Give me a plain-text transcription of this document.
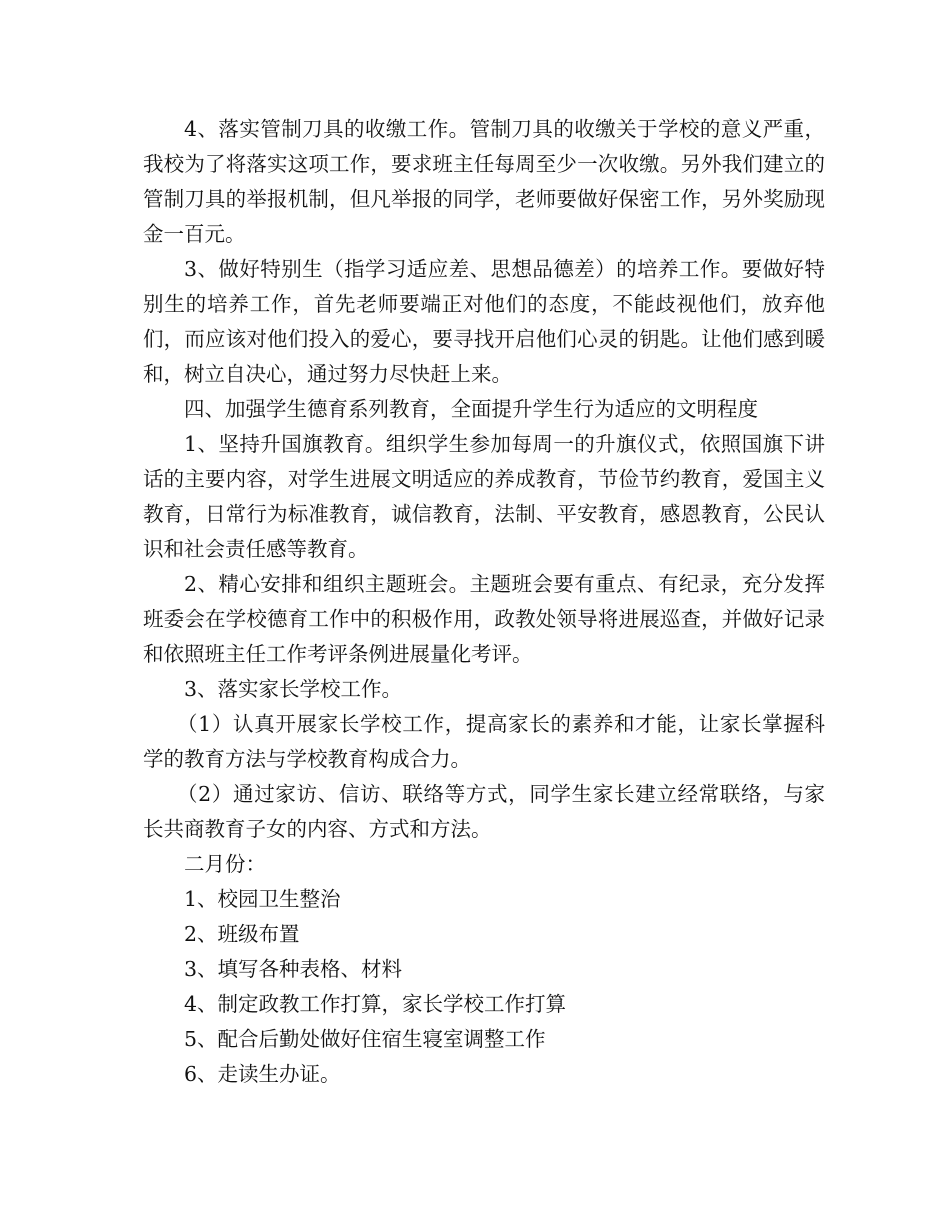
4、落实管制刀具的收缴工作。管制刀具的收缴关于学校的意义严重，我校为了将落实这项工作，要求班主任每周至少一次收缴。另外我们建立的管制刀具的举报机制，但凡举报的同学，老师要做好保密工作，另外奖励现金一百元。

3、做好特别生（指学习适应差、思想品德差）的培养工作。要做好特别生的培养工作，首先老师要端正对他们的态度，不能歧视他们，放弃他们，而应该对他们投入的爱心，要寻找开启他们心灵的钥匙。让他们感到暖和，树立自决心，通过努力尽快赶上来。

四、加强学生德育系列教育，全面提升学生行为适应的文明程度

1、坚持升国旗教育。组织学生参加每周一的升旗仪式，依照国旗下讲话的主要内容，对学生进展文明适应的养成教育，节俭节约教育，爱国主义教育，日常行为标准教育，诚信教育，法制、平安教育，感恩教育，公民认识和社会责任感等教育。

2、精心安排和组织主题班会。主题班会要有重点、有纪录，充分发挥班委会在学校德育工作中的积极作用，政教处领导将进展巡查，并做好记录和依照班主任工作考评条例进展量化考评。

3、落实家长学校工作。

（1）认真开展家长学校工作，提高家长的素养和才能，让家长掌握科学的教育方法与学校教育构成合力。

（2）通过家访、信访、联络等方式，同学生家长建立经常联络，与家长共商教育子女的内容、方式和方法。

二月份：

1、校园卫生整治

2、班级布置

3、填写各种表格、材料

4、制定政教工作打算，家长学校工作打算

5、配合后勤处做好住宿生寝室调整工作

6、走读生办证。
